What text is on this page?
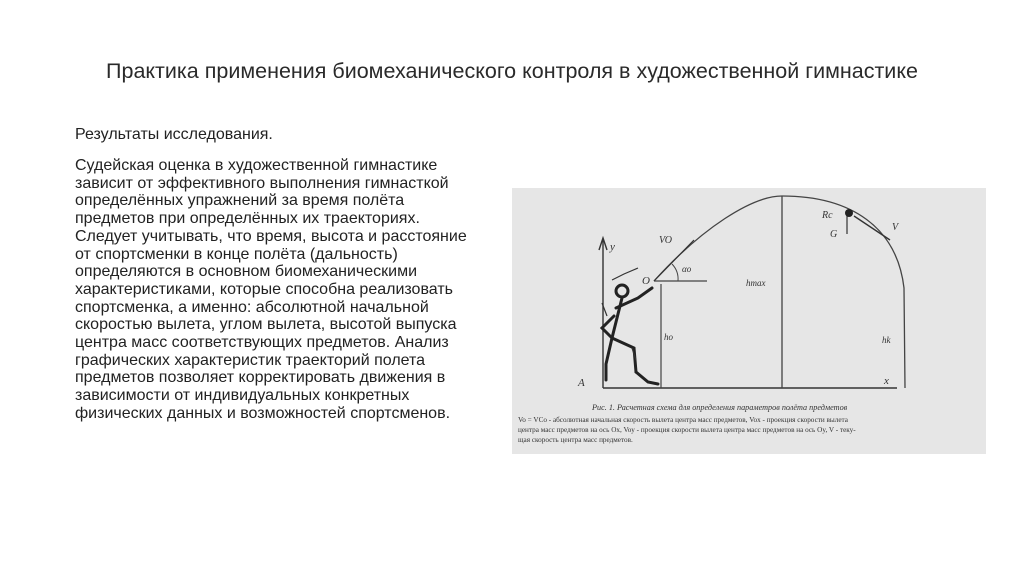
Практика применения биомеханического контроля в художественной гимнастике
Результаты исследования.
Судейская оценка в художественной гимнастике зависит от эффективного выполнения гимнасткой определённых упражнений за время полёта предметов при определённых их траекториях. Следует учитывать, что время, высота и расстояние от спортсменки в конце полёта (дальность) определяются в основном биомеханическими характеристиками, которые способна реализовать спортсменка, а именно: абсолютной начальной скоростью вылета, углом вылета, высотой выпуска центра масс соответствующих предметов. Анализ графических характеристик траекторий полета предметов позволяет корректировать движения в зависимости от индивидуальных конкретных физических данных и возможностей спортсменов.
y
A	x
O
VO
αo
hmax
ho	hk
Rc
G
V
Рис. 1. Расчетная схема для определения параметров полёта предметов
Vo = VCo - абсолютная начальная скорость вылета центра масс предметов, Vox - проекция скорости вылета
центра масс предметов на ось Ox, Voy - проекция скорости вылета центра масс предметов на ось Oy, V - теку-
щая скорость центра масс предметов.
